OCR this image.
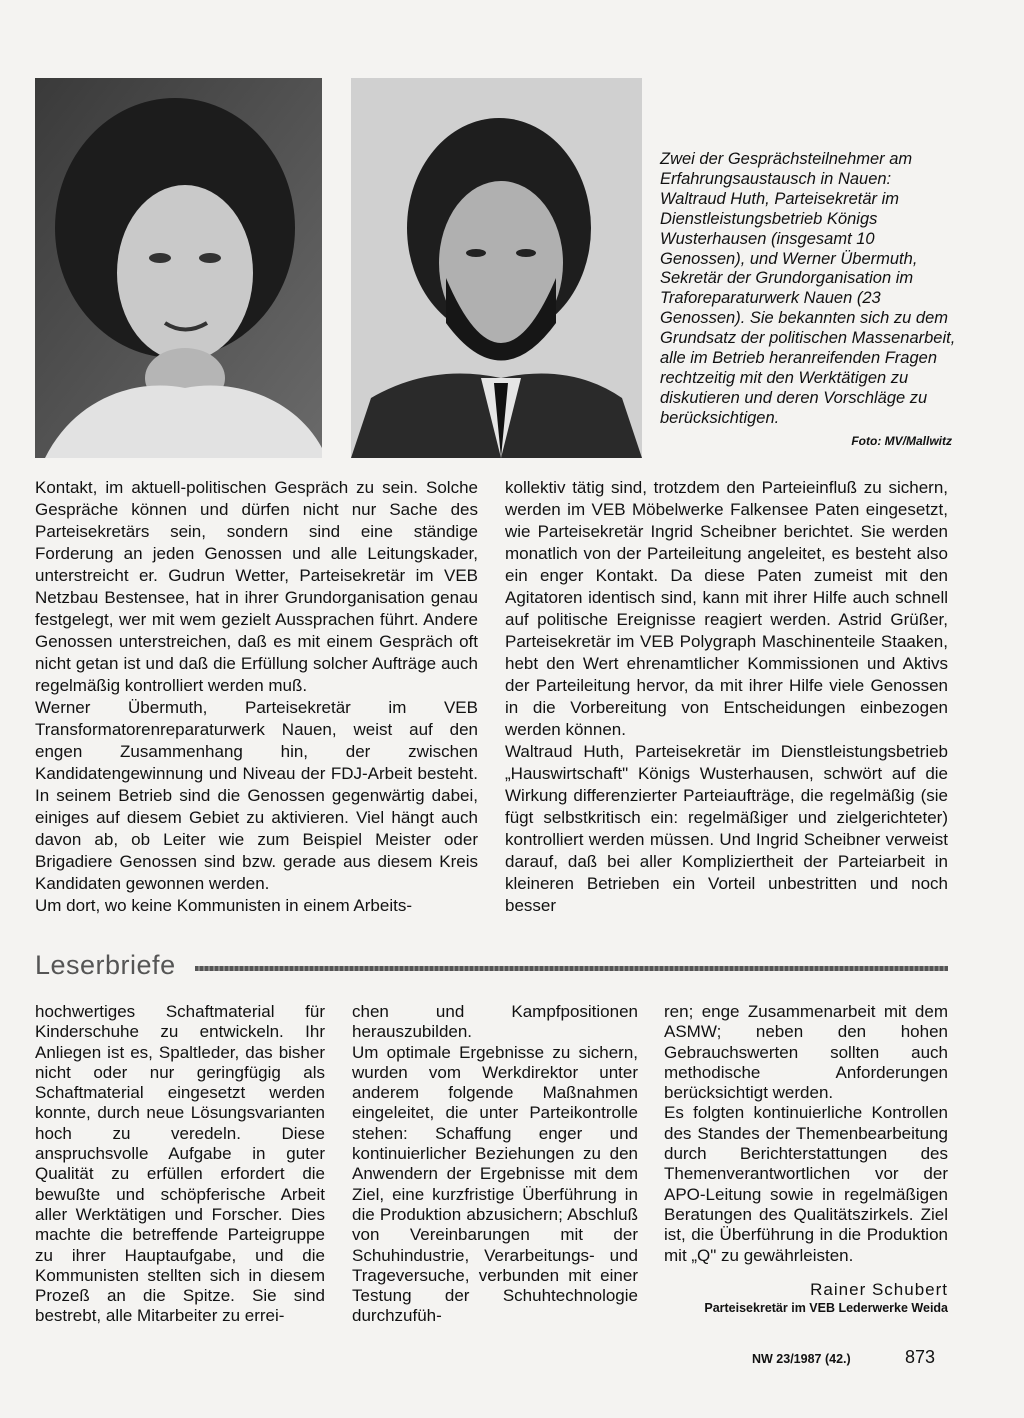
Zwei der Gesprächsteilnehmer am Erfahrungsaustausch in Nauen: Waltraud Huth, Parteisekretär im Dienstleistungsbetrieb Königs Wusterhausen (insgesamt 10 Genossen), und Werner Übermuth, Sekretär der Grundorganisation im Traforeparaturwerk Nauen (23 Genossen). Sie bekannten sich zu dem Grundsatz der politischen Massenarbeit, alle im Betrieb heranreifenden Fragen rechtzeitig mit den Werktätigen zu diskutieren und deren Vorschläge zu berücksichtigen.

Foto: MV/Mallwitz

Kontakt, im aktuell-politischen Gespräch zu sein. Solche Gespräche können und dürfen nicht nur Sache des Parteisekretärs sein, sondern sind eine ständige Forderung an jeden Genossen und alle Leitungskader, unterstreicht er. Gudrun Wetter, Parteisekretär im VEB Netzbau Bestensee, hat in ihrer Grundorganisation genau festgelegt, wer mit wem gezielt Aussprachen führt. Andere Genossen unterstreichen, daß es mit einem Gespräch oft nicht getan ist und daß die Erfüllung solcher Aufträge auch regelmäßig kontrolliert werden muß.

Werner Übermuth, Parteisekretär im VEB Transformatorenreparaturwerk Nauen, weist auf den engen Zusammenhang hin, der zwischen Kandidatengewinnung und Niveau der FDJ-Arbeit besteht. In seinem Betrieb sind die Genossen gegenwärtig dabei, einiges auf diesem Gebiet zu aktivieren. Viel hängt auch davon ab, ob Leiter wie zum Beispiel Meister oder Brigadiere Genossen sind bzw. gerade aus diesem Kreis Kandidaten gewonnen werden.

Um dort, wo keine Kommunisten in einem Arbeits-

kollektiv tätig sind, trotzdem den Parteieinfluß zu sichern, werden im VEB Möbelwerke Falkensee Paten eingesetzt, wie Parteisekretär Ingrid Scheibner berichtet. Sie werden monatlich von der Parteileitung angeleitet, es besteht also ein enger Kontakt. Da diese Paten zumeist mit den Agitatoren identisch sind, kann mit ihrer Hilfe auch schnell auf politische Ereignisse reagiert werden. Astrid Grüßer, Parteisekretär im VEB Polygraph Maschinenteile Staaken, hebt den Wert ehrenamtlicher Kommissionen und Aktivs der Parteileitung hervor, da mit ihrer Hilfe viele Genossen in die Vorbereitung von Entscheidungen einbezogen werden können.

Waltraud Huth, Parteisekretär im Dienstleistungsbetrieb „Hauswirtschaft" Königs Wusterhausen, schwört auf die Wirkung differenzierter Parteiaufträge, die regelmäßig (sie fügt selbstkritisch ein: regelmäßiger und zielgerichteter) kontrolliert werden müssen. Und Ingrid Scheibner verweist darauf, daß bei aller Kompliziertheit der Parteiarbeit in kleineren Betrieben ein Vorteil unbestritten und noch besser

Leserbriefe

hochwertiges Schaftmaterial für Kinderschuhe zu entwickeln. Ihr Anliegen ist es, Spaltleder, das bisher nicht oder nur geringfügig als Schaftmaterial eingesetzt werden konnte, durch neue Lösungsvarianten hoch zu veredeln. Diese anspruchsvolle Aufgabe in guter Qualität zu erfüllen erfordert die bewußte und schöpferische Arbeit aller Werktätigen und Forscher. Dies machte die betreffende Parteigruppe zu ihrer Hauptaufgabe, und die Kommunisten stellten sich in diesem Prozeß an die Spitze. Sie sind bestrebt, alle Mitarbeiter zu errei-

chen und Kampfpositionen herauszubilden.

Um optimale Ergebnisse zu sichern, wurden vom Werkdirektor unter anderem folgende Maßnahmen eingeleitet, die unter Parteikontrolle stehen: Schaffung enger und kontinuierlicher Beziehungen zu den Anwendern der Ergebnisse mit dem Ziel, eine kurzfristige Überführung in die Produktion abzusichern; Abschluß von Vereinbarungen mit der Schuhindustrie, Verarbeitungs- und Trageversuche, verbunden mit einer Testung der Schuhtechnologie durchzufüh-

ren; enge Zusammenarbeit mit dem ASMW; neben den hohen Gebrauchswerten sollten auch methodische Anforderungen berücksichtigt werden.

Es folgten kontinuierliche Kontrollen des Standes der Themenbearbeitung durch Berichterstattungen des Themenverantwortlichen vor der APO-Leitung sowie in regelmäßigen Beratungen des Qualitätszirkels. Ziel ist, die Überführung in die Produktion mit „Q" zu gewährleisten.

Rainer Schubert
Parteisekretär im VEB Lederwerke Weida
NW 23/1987 (42.)	873
